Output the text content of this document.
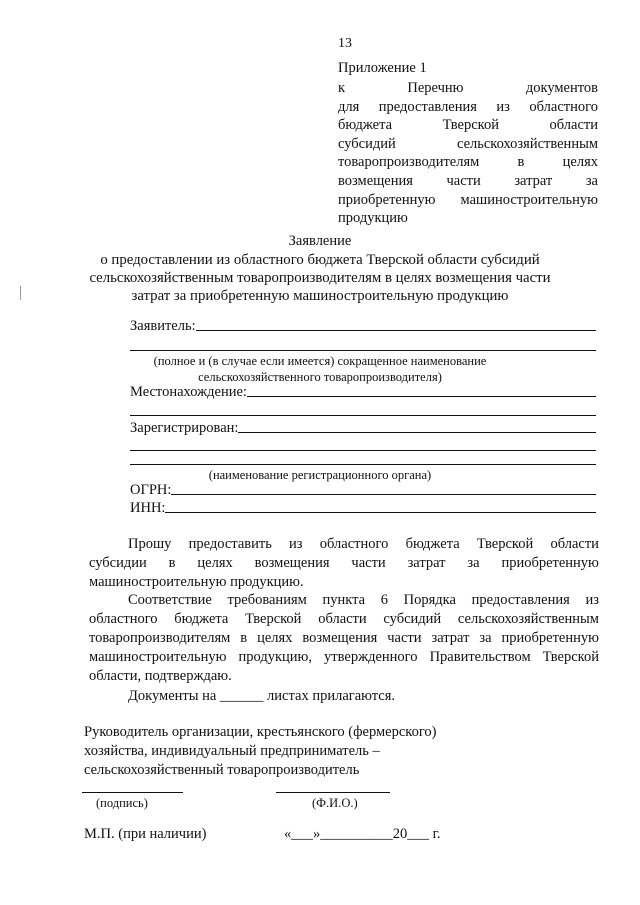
13
Приложение 1
к	Перечню	документов
для предоставления из областного
бюджета	Тверской	области
субсидий	сельскохозяйственным
товаропроизводителям	в	целях
возмещения части затрат за
приобретенную машиностроительную
продукцию
Заявление
о предоставлении из областного бюджета Тверской области субсидий
сельскохозяйственным товаропроизводителям в целях возмещения части
затрат за приобретенную машиностроительную продукцию
Заявитель:
(полное и (в случае если имеется) сокращенное наименование
сельскохозяйственного товаропроизводителя)
Местонахождение:
Зарегистрирован:
(наименование регистрационного органа)
ОГРН:
ИНН:
Прошу предоставить из областного бюджета Тверской области
субсидии в целях возмещения части затрат за приобретенную
машиностроительную продукцию.
Соответствие требованиям пункта 6 Порядка предоставления из
областного бюджета Тверской области субсидий сельскохозяйственным
товаропроизводителям в целях возмещения части затрат за приобретенную
машиностроительную продукцию, утвержденного Правительством Тверской
области, подтверждаю.
Документы на ______ листах прилагаются.
Руководитель организации, крестьянского (фермерского)
хозяйства, индивидуальный предприниматель –
сельскохозяйственный товаропроизводитель
(подпись)	(Ф.И.О.)
М.П. (при наличии)	«___»__________20___ г.
